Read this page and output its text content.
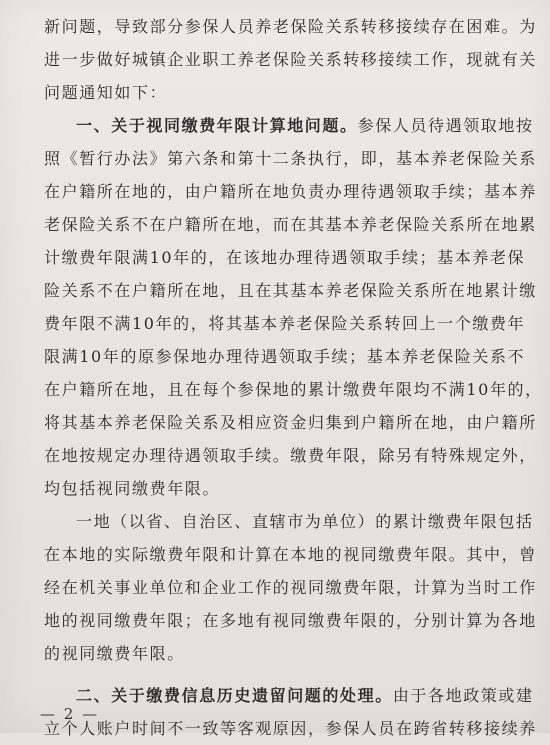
新问题，导致部分参保人员养老保险关系转移接续存在困难。为
进一步做好城镇企业职工养老保险关系转移接续工作，现就有关
问题通知如下：
一、关于视同缴费年限计算地问题。参保人员待遇领取地按
照《暂行办法》第六条和第十二条执行，即，基本养老保险关系
在户籍所在地的，由户籍所在地负责办理待遇领取手续；基本养
老保险关系不在户籍所在地，而在其基本养老保险关系所在地累
计缴费年限满10年的，在该地办理待遇领取手续；基本养老保
险关系不在户籍所在地，且在其基本养老保险关系所在地累计缴
费年限不满10年的，将其基本养老保险关系转回上一个缴费年
限满10年的原参保地办理待遇领取手续；基本养老保险关系不
在户籍所在地，且在每个参保地的累计缴费年限均不满10年的，
将其基本养老保险关系及相应资金归集到户籍所在地，由户籍所
在地按规定办理待遇领取手续。缴费年限，除另有特殊规定外，
均包括视同缴费年限。
一地（以省、自治区、直辖市为单位）的累计缴费年限包括
在本地的实际缴费年限和计算在本地的视同缴费年限。其中，曾
经在机关事业单位和企业工作的视同缴费年限，计算为当时工作
地的视同缴费年限；在多地有视同缴费年限的，分别计算为各地
的视同缴费年限。
二、关于缴费信息历史遗留问题的处理。由于各地政策或建
立个人账户时间不一致等客观原因，参保人员在跨省转移接续养
— 2 —
